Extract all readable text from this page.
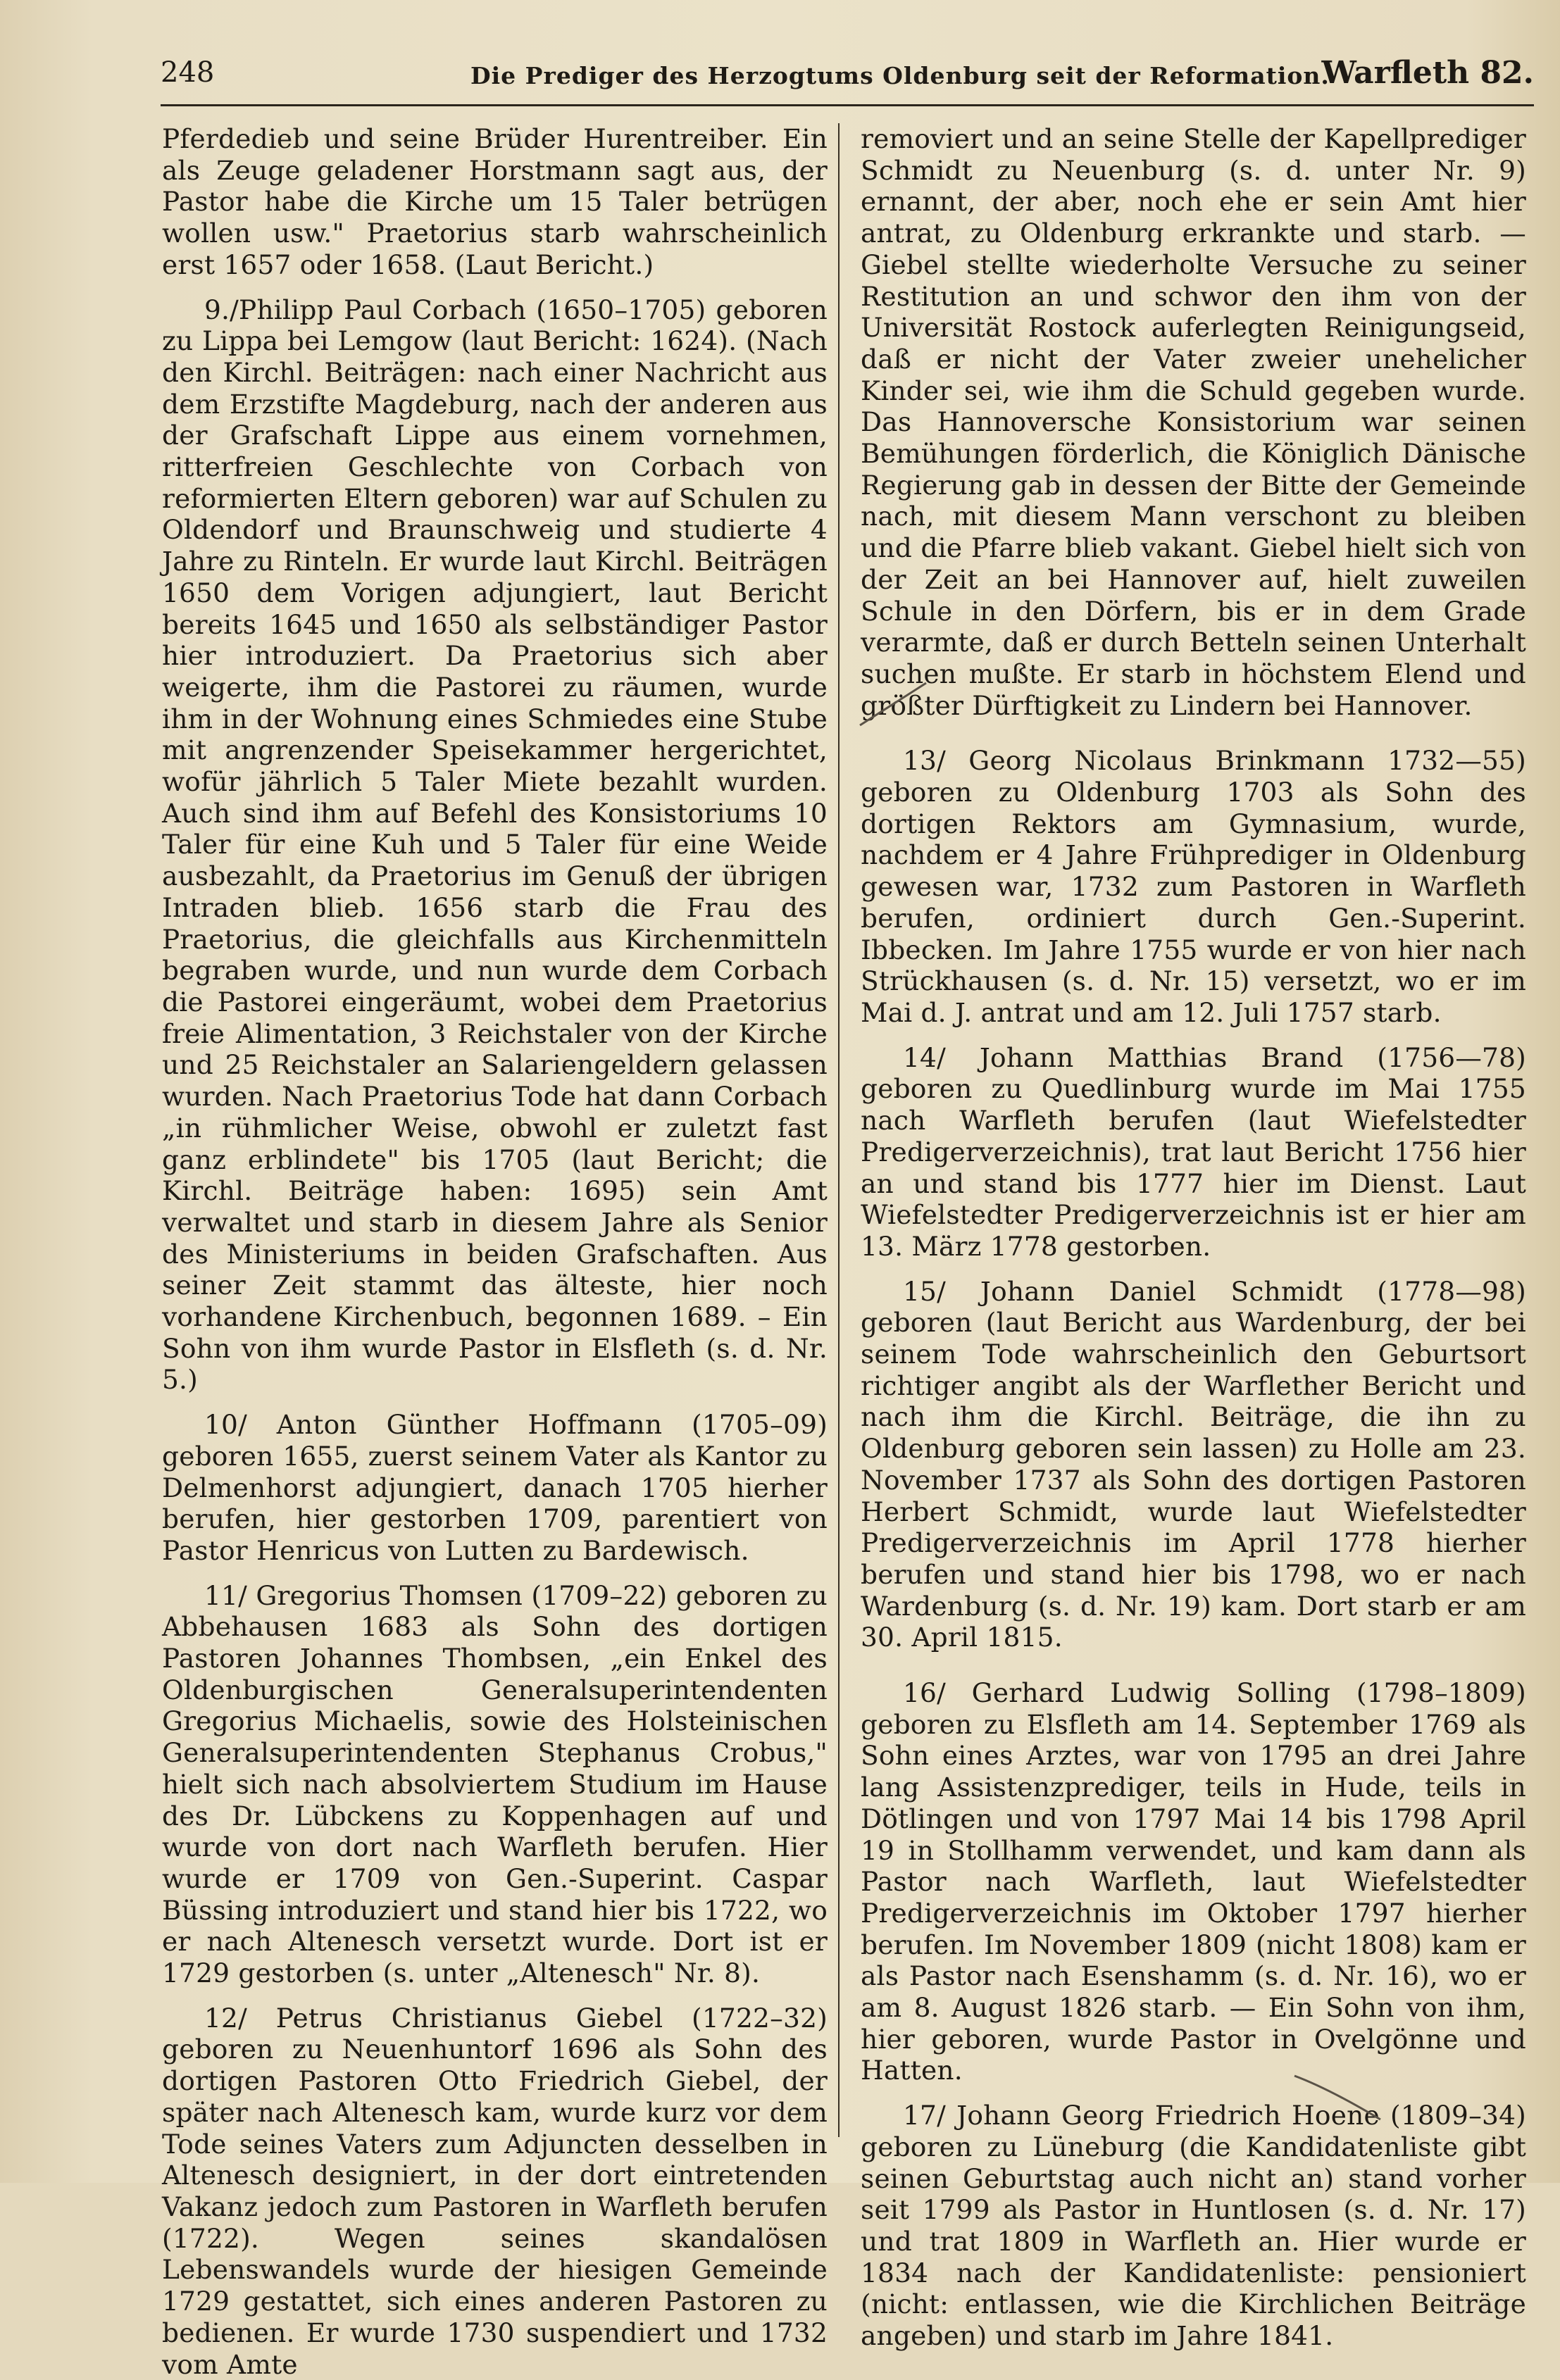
248	Die Prediger des Herzogtums Oldenburg seit der Reformation.
Warfleth 82.

Pferdedieb und seine Brüder Hurentreiber. Ein als Zeuge geladener Horstmann sagt aus, der Pastor habe die Kirche um 15 Taler betrügen wollen usw." Praetorius starb wahrscheinlich erst 1657 oder 1658. (Laut Bericht.)

9./Philipp Paul Corbach (1650–1705) geboren zu Lippa bei Lemgow (laut Bericht: 1624). (Nach den Kirchl. Beiträgen: nach einer Nachricht aus dem Erzstifte Magdeburg, nach der anderen aus der Grafschaft Lippe aus einem vornehmen, ritterfreien Geschlechte von Corbach von reformierten Eltern geboren) war auf Schulen zu Oldendorf und Braunschweig und studierte 4 Jahre zu Rinteln. Er wurde laut Kirchl. Beiträgen 1650 dem Vorigen adjungiert, laut Bericht bereits 1645 und 1650 als selbständiger Pastor hier introduziert. Da Praetorius sich aber weigerte, ihm die Pastorei zu räumen, wurde ihm in der Wohnung eines Schmiedes eine Stube mit angrenzender Speisekammer hergerichtet, wofür jährlich 5 Taler Miete bezahlt wurden. Auch sind ihm auf Befehl des Konsistoriums 10 Taler für eine Kuh und 5 Taler für eine Weide ausbezahlt, da Praetorius im Genuß der übrigen Intraden blieb. 1656 starb die Frau des Praetorius, die gleichfalls aus Kirchenmitteln begraben wurde, und nun wurde dem Corbach die Pastorei eingeräumt, wobei dem Praetorius freie Alimentation, 3 Reichstaler von der Kirche und 25 Reichstaler an Salariengeldern gelassen wurden. Nach Praetorius Tode hat dann Corbach „in rühmlicher Weise, obwohl er zuletzt fast ganz erblindete" bis 1705 (laut Bericht; die Kirchl. Beiträge haben: 1695) sein Amt verwaltet und starb in diesem Jahre als Senior des Ministeriums in beiden Grafschaften. Aus seiner Zeit stammt das älteste, hier noch vorhandene Kirchenbuch, begonnen 1689. – Ein Sohn von ihm wurde Pastor in Elsfleth (s. d. Nr. 5.)

10/ Anton Günther Hoffmann (1705–09) geboren 1655, zuerst seinem Vater als Kantor zu Delmenhorst adjungiert, danach 1705 hierher berufen, hier gestorben 1709, parentiert von Pastor Henricus von Lutten zu Bardewisch.

11/ Gregorius Thomsen (1709–22) geboren zu Abbehausen 1683 als Sohn des dortigen Pastoren Johannes Thombsen, „ein Enkel des Oldenburgischen Generalsuperintendenten Gregorius Michaelis, sowie des Holsteinischen Generalsuperintendenten Stephanus Crobus," hielt sich nach absolviertem Studium im Hause des Dr. Lübckens zu Koppenhagen auf und wurde von dort nach Warfleth berufen. Hier wurde er 1709 von Gen.-Superint. Caspar Büssing introduziert und stand hier bis 1722, wo er nach Altenesch versetzt wurde. Dort ist er 1729 gestorben (s. unter „Altenesch" Nr. 8).

12/ Petrus Christianus Giebel (1722–32) geboren zu Neuenhuntorf 1696 als Sohn des dortigen Pastoren Otto Friedrich Giebel, der später nach Altenesch kam, wurde kurz vor dem Tode seines Vaters zum Adjuncten desselben in Altenesch designiert, in der dort eintretenden Vakanz jedoch zum Pastoren in Warfleth berufen (1722). Wegen seines skandalösen Lebenswandels wurde der hiesigen Gemeinde 1729 gestattet, sich eines anderen Pastoren zu bedienen. Er wurde 1730 suspendiert und 1732 vom Amte

removiert und an seine Stelle der Kapellprediger Schmidt zu Neuenburg (s. d. unter Nr. 9) ernannt, der aber, noch ehe er sein Amt hier antrat, zu Oldenburg erkrankte und starb. — Giebel stellte wiederholte Versuche zu seiner Restitution an und schwor den ihm von der Universität Rostock auferlegten Reinigungseid, daß er nicht der Vater zweier unehelicher Kinder sei, wie ihm die Schuld gegeben wurde. Das Hannoversche Konsistorium war seinen Bemühungen förderlich, die Königlich Dänische Regierung gab in dessen der Bitte der Gemeinde nach, mit diesem Mann verschont zu bleiben und die Pfarre blieb vakant. Giebel hielt sich von der Zeit an bei Hannover auf, hielt zuweilen Schule in den Dörfern, bis er in dem Grade verarmte, daß er durch Betteln seinen Unterhalt suchen mußte. Er starb in höchstem Elend und größter Dürftigkeit zu Lindern bei Hannover.

13/ Georg Nicolaus Brinkmann 1732—55) geboren zu Oldenburg 1703 als Sohn des dortigen Rektors am Gymnasium, wurde, nachdem er 4 Jahre Frühprediger in Oldenburg gewesen war, 1732 zum Pastoren in Warfleth berufen, ordiniert durch Gen.-Superint. Ibbecken. Im Jahre 1755 wurde er von hier nach Strückhausen (s. d. Nr. 15) versetzt, wo er im Mai d. J. antrat und am 12. Juli 1757 starb.

14/ Johann Matthias Brand (1756—78) geboren zu Quedlinburg wurde im Mai 1755 nach Warfleth berufen (laut Wiefelstedter Predigerverzeichnis), trat laut Bericht 1756 hier an und stand bis 1777 hier im Dienst. Laut Wiefelstedter Predigerverzeichnis ist er hier am 13. März 1778 gestorben.

15/ Johann Daniel Schmidt (1778—98) geboren (laut Bericht aus Wardenburg, der bei seinem Tode wahrscheinlich den Geburtsort richtiger angibt als der Warflether Bericht und nach ihm die Kirchl. Beiträge, die ihn zu Oldenburg geboren sein lassen) zu Holle am 23. November 1737 als Sohn des dortigen Pastoren Herbert Schmidt, wurde laut Wiefelstedter Predigerverzeichnis im April 1778 hierher berufen und stand hier bis 1798, wo er nach Wardenburg (s. d. Nr. 19) kam. Dort starb er am 30. April 1815.

16/ Gerhard Ludwig Solling (1798–1809) geboren zu Elsfleth am 14. September 1769 als Sohn eines Arztes, war von 1795 an drei Jahre lang Assistenzprediger, teils in Hude, teils in Dötlingen und von 1797 Mai 14 bis 1798 April 19 in Stollhamm verwendet, und kam dann als Pastor nach Warfleth, laut Wiefelstedter Predigerverzeichnis im Oktober 1797 hierher berufen. Im November 1809 (nicht 1808) kam er als Pastor nach Esenshamm (s. d. Nr. 16), wo er am 8. August 1826 starb. — Ein Sohn von ihm, hier geboren, wurde Pastor in Ovelgönne und Hatten.

17/ Johann Georg Friedrich Hoene (1809–34) geboren zu Lüneburg (die Kandidatenliste gibt seinen Geburtstag auch nicht an) stand vorher seit 1799 als Pastor in Huntlosen (s. d. Nr. 17) und trat 1809 in Warfleth an. Hier wurde er 1834 nach der Kandidatenliste: pensioniert (nicht: entlassen, wie die Kirchlichen Beiträge angeben) und starb im Jahre 1841.
